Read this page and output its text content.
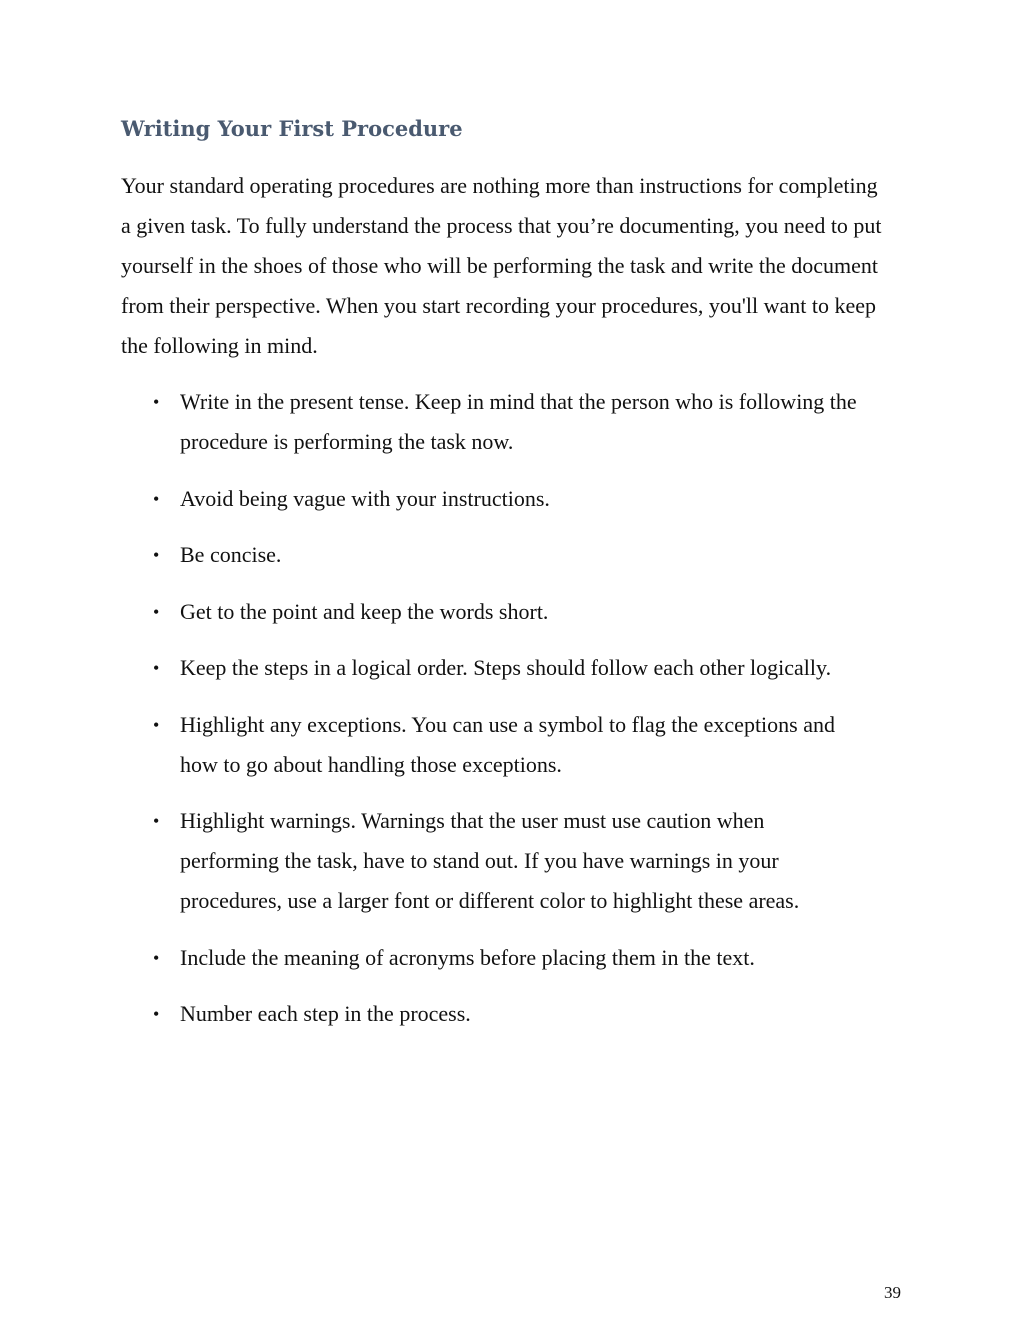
Writing Your First Procedure

Your standard operating procedures are nothing more than instructions for completing a given task. To fully understand the process that you’re documenting, you need to put yourself in the shoes of those who will be performing the task and write the document from their perspective. When you start recording your procedures, you'll want to keep the following in mind.

• Write in the present tense. Keep in mind that the person who is following the procedure is performing the task now.
• Avoid being vague with your instructions.
• Be concise.
• Get to the point and keep the words short.
• Keep the steps in a logical order. Steps should follow each other logically.
• Highlight any exceptions. You can use a symbol to flag the exceptions and how to go about handling those exceptions.
• Highlight warnings. Warnings that the user must use caution when performing the task, have to stand out. If you have warnings in your procedures, use a larger font or different color to highlight these areas.
• Include the meaning of acronyms before placing them in the text.
• Number each step in the process.
39
